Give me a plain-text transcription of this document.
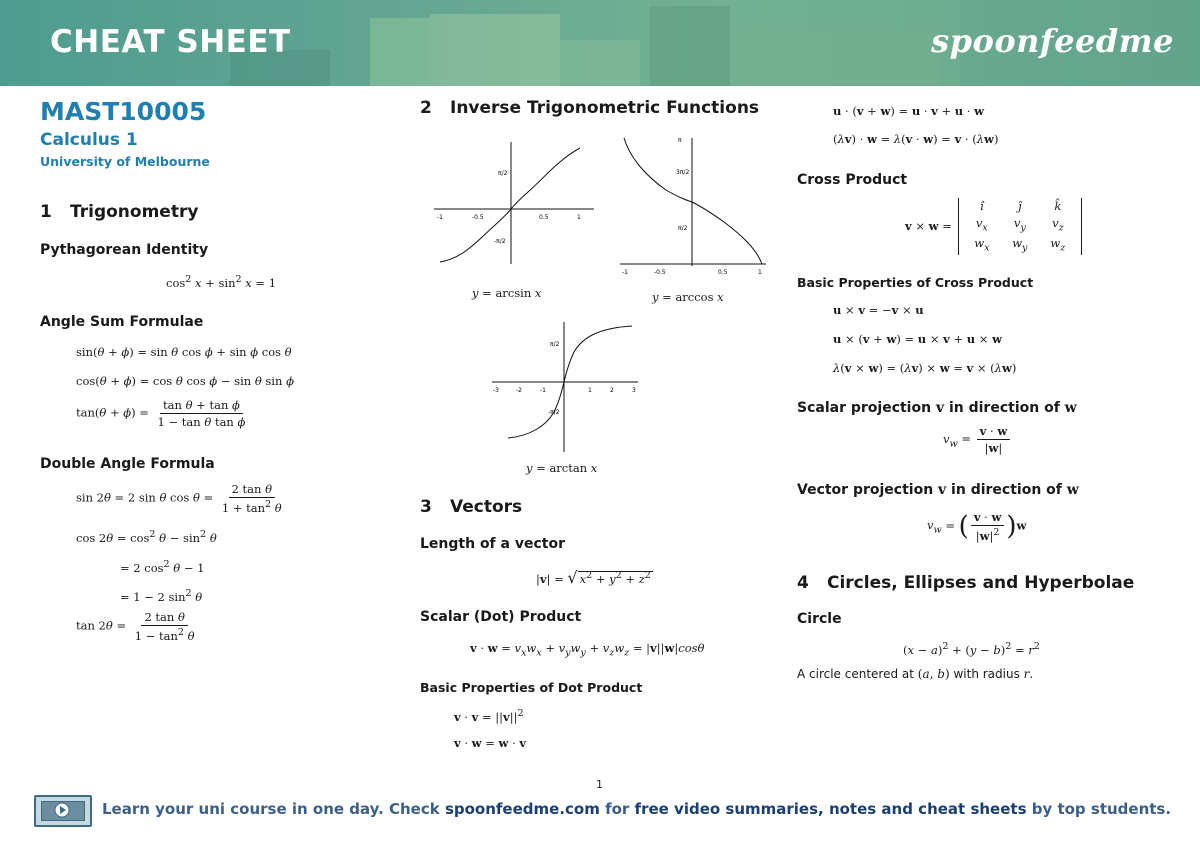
CHEAT SHEET	spoonfeedme
MAST10005
Calculus 1
University of Melbourne
1 Trigonometry
Pythagorean Identity
$\cos^2 x + \sin^2 x = 1$
Angle Sum Formulae
sin(θ + ϕ) = sin θ cos ϕ + sin ϕ cos θ
cos(θ + ϕ) = cos θ cos ϕ − sin θ sin ϕ
$\tan(\theta + \phi) = \frac{\text{tan θ + tan ϕ}}{\text{1 − tan θ tan ϕ}}$
Double Angle Formula
sin 2θ = 2 sin θ $\cos \theta = \frac{\text{2 tan θ}}{1 + \tan^2 \theta}$
$\cos 2\theta = \cos^2 \theta - \sin^2 \theta$
= 2 $\cos^2 \theta - 1$
= 1 − 2 $\sin^2 \theta$
$\tan 2\theta = \frac{\text{2 tan θ}}{1 - \tan^2 \theta}$
2 Inverse Trigonometric Functions
-1	-0.5	0.5	1
π/2
-π/2
y = arcsin x
-1	-0.5	0.5	1
π
3π/2
π/2
y = arccos x
-3	-2	-1	1	2	3
π/2
-π/2
y = arctan x
3 Vectors
Length of a vector
|v| = √ $x^2 + y^2 + z^2$
Scalar (Dot) Product
$v \cdot w = v_xw_x + v_yw_y + v_zw_z = |v||w|\cos\theta$
Basic Properties of Dot Product
$v \cdot v = ||v||^2$
v · w = w · v
u · (v + w) = u · v + u · w
(λv) · w = λ(v · w) = v · (λw)
Cross Product
v × w =
î	ĵ	k̂
$v_x$	$v_y$	$v_z$
$w_x$	$w_y$	$w_z$
Basic Properties of Cross Product
u × v = −v × u
u × (v + w) = u × v + u × w
λ(v × w) = (λv) × w = v × (λw)
Scalar projection v in direction of w
$v_w = \frac{v \cdot w}{|w|}$
Vector projection v in direction of w
$v_w$ = ( $\frac{v \cdot w}{|w|^2} )w$
4 Circles, Ellipses and Hyperbolae
Circle
$(x - a)^2 + (y - b)^2 = r^2$
A circle centered at (a, b) with radius r.
1
Learn your uni course in one day. Check spoonfeedme.com for free video summaries, notes and cheat sheets by top students.
